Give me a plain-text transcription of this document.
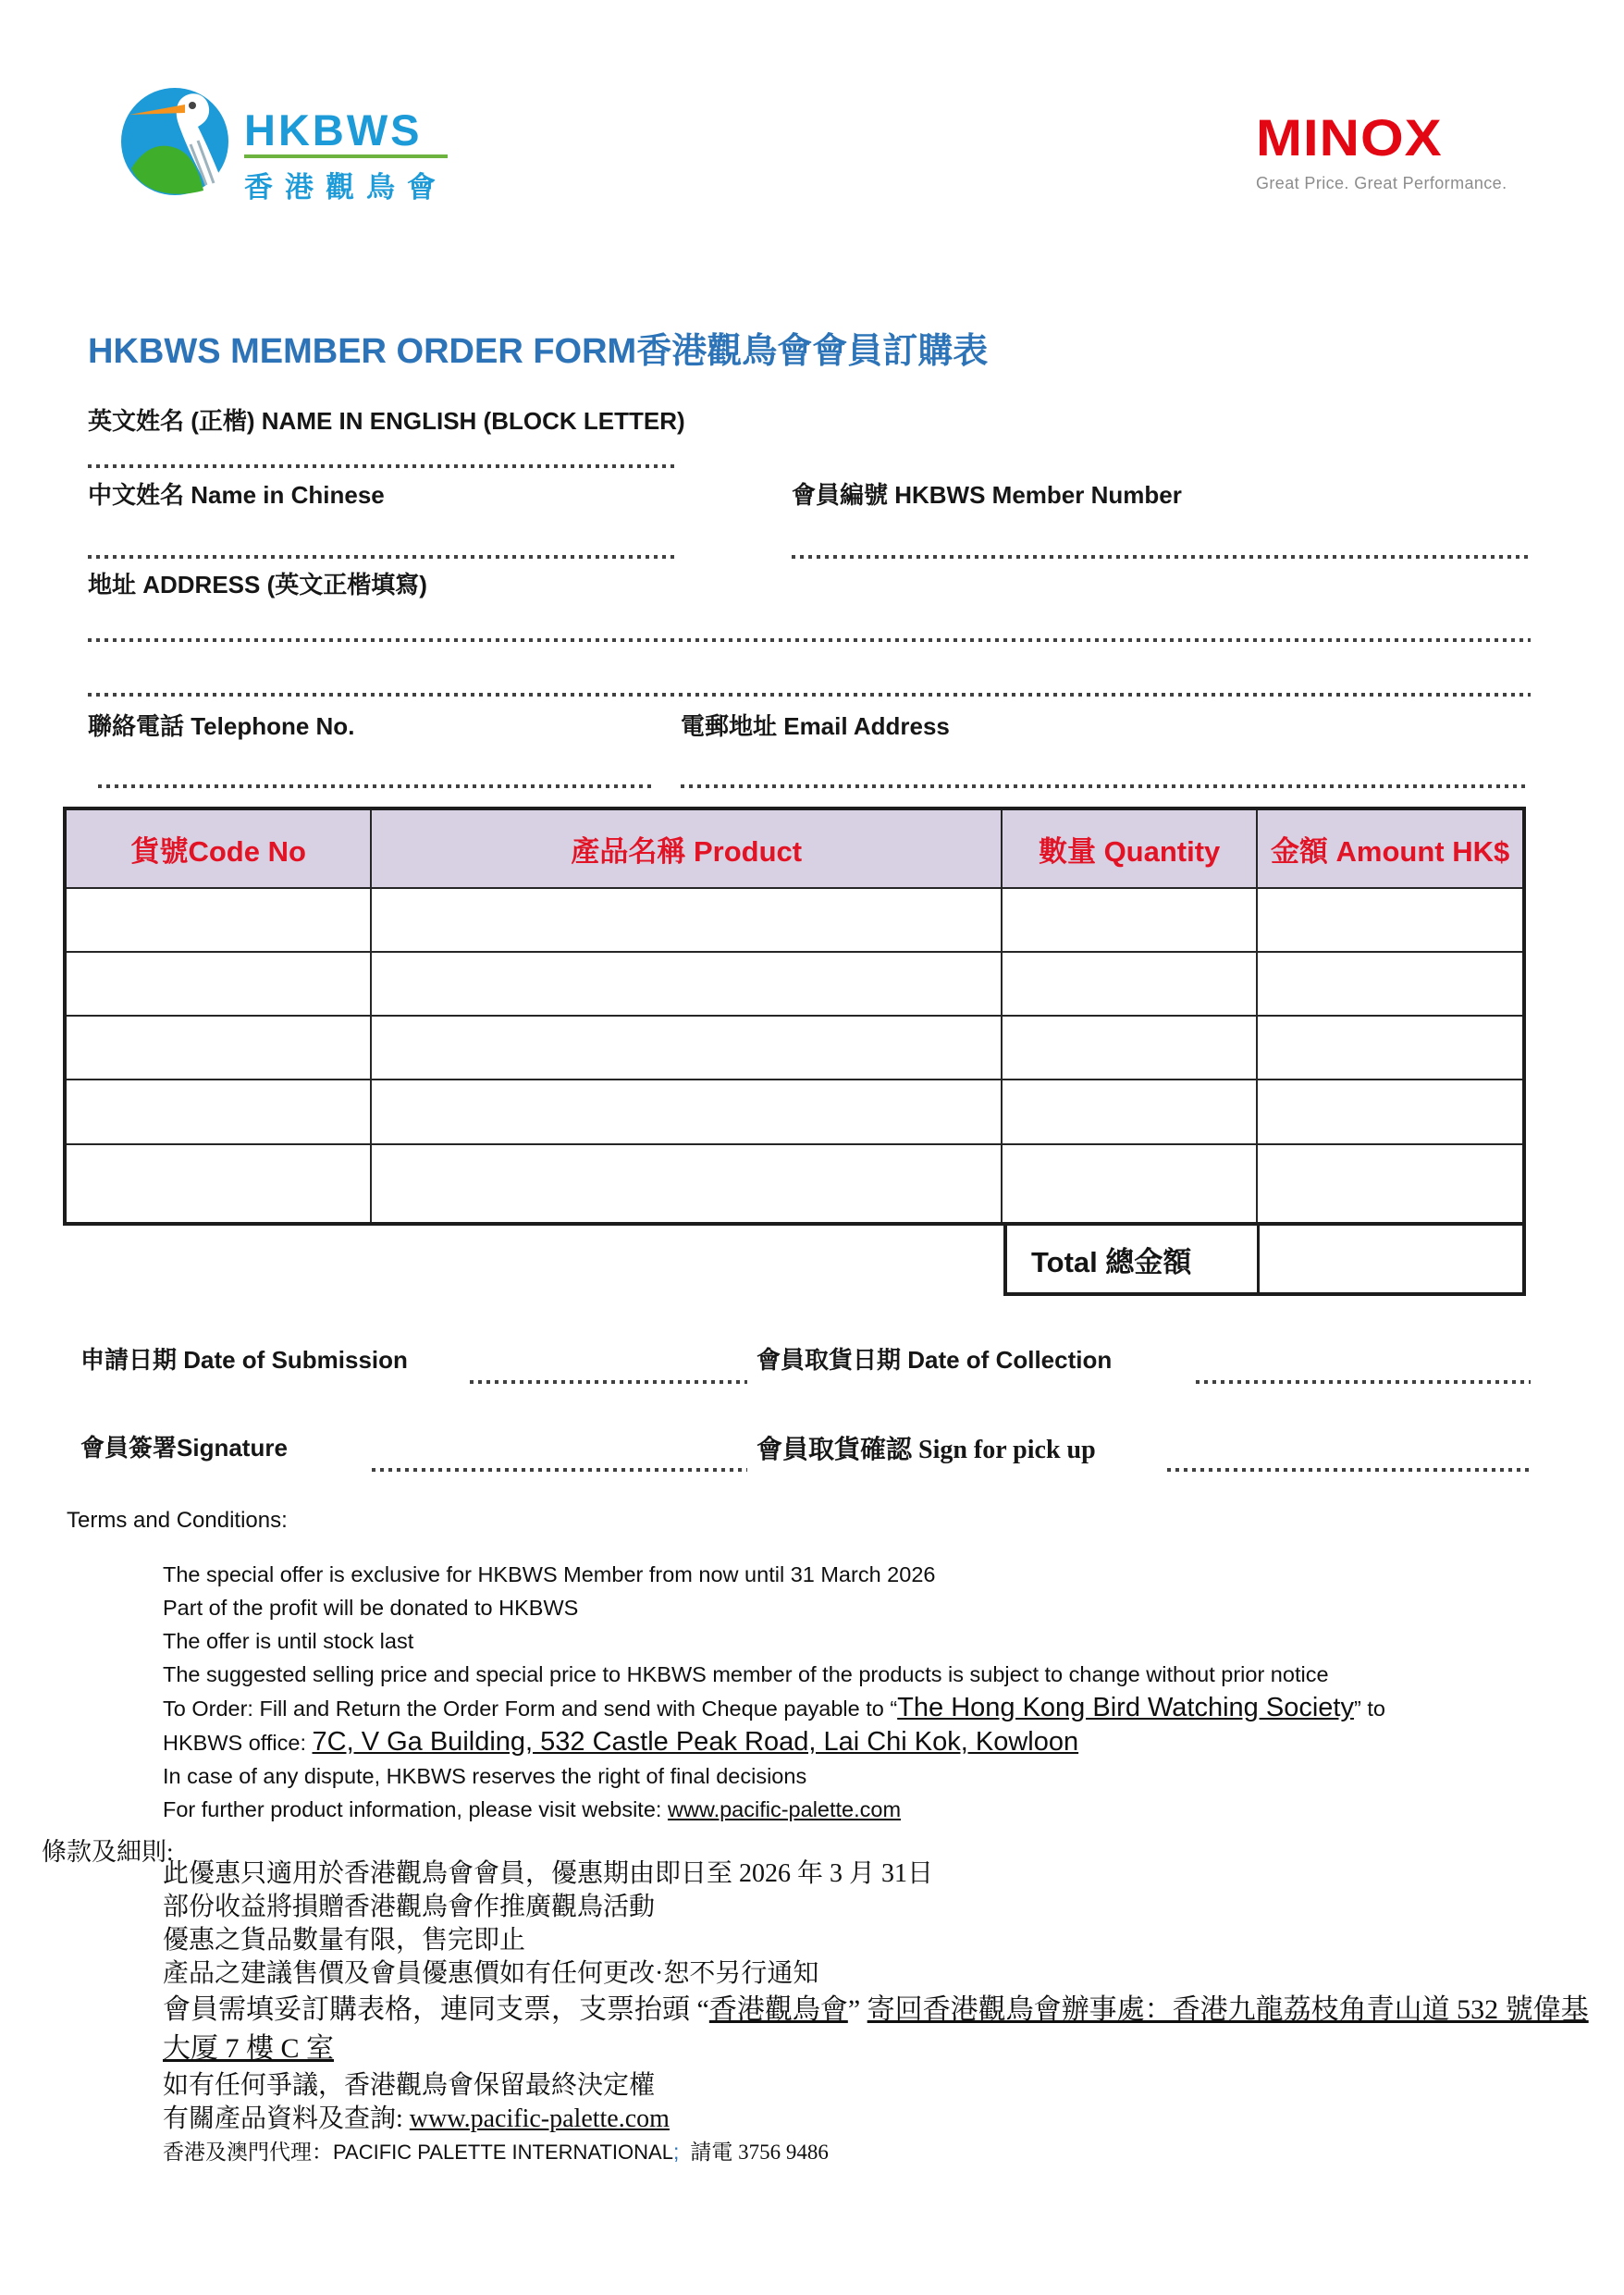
HKBWS
香港觀鳥會
MINOX
Great Price. Great Performance.
HKBWS MEMBER ORDER FORM香港觀鳥會會員訂購表
英文姓名 (正楷) NAME IN ENGLISH (BLOCK LETTER)
中文姓名 Name in Chinese	會員編號 HKBWS Member Number
地址 ADDRESS (英文正楷填寫)
聯絡電話 Telephone No.	電郵地址 Email Address
貨號Code No	產品名稱 Product	數量 Quantity	金額 Amount HK$

Total 總金額
申請日期 Date of Submission	會員取貨日期 Date of Collection
會員簽署Signature	會員取貨確認 Sign for pick up
Terms and Conditions:

The special offer is exclusive for HKBWS Member from now until 31 March 2026

Part of the profit will be donated to HKBWS

The offer is until stock last

The suggested selling price and special price to HKBWS member of the products is subject to change without prior notice

To Order: Fill and Return the Order Form and send with Cheque payable to “The Hong Kong Bird Watching Society” to

HKBWS office: 7C, V Ga Building, 532 Castle Peak Road, Lai Chi Kok, Kowloon

In case of any dispute, HKBWS reserves the right of final decisions

For further product information, please visit website: www.pacific-palette.com

條款及細則:

此優惠只適用於香港觀鳥會會員，優惠期由即日至 2026 年 3 月 31日

部份收益將損贈香港觀鳥會作推廣觀鳥活動

優惠之貨品數量有限，售完即止

產品之建議售價及會員優惠價如有任何更改·恕不另行通知

會員需填妥訂購表格，連同支票，支票抬頭 “香港觀鳥會” 寄回香港觀鳥會辦事處：香港九龍荔枝角青山道 532 號偉基大厦 7 樓 C 室

如有任何爭議，香港觀鳥會保留最終決定權

有關產品資料及查詢: www.pacific-palette.com

香港及澳門代理：PACIFIC PALETTE INTERNATIONAL; 請電 3756 9486
